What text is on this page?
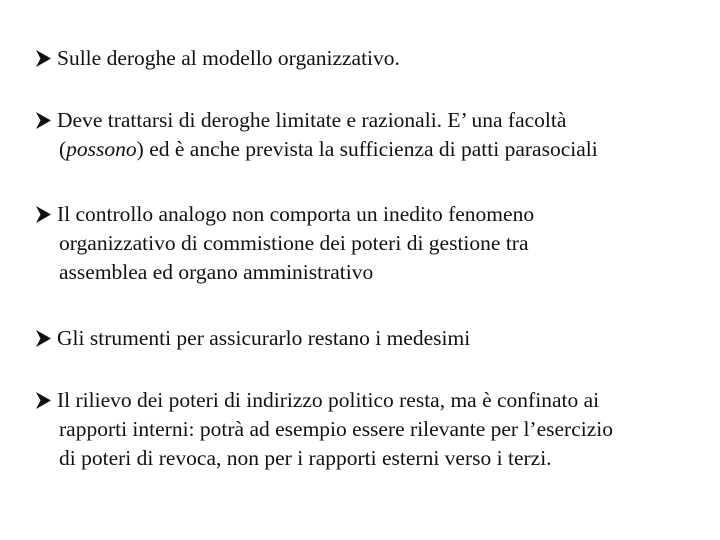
Sulle deroghe al modello organizzativo.
Deve trattarsi di deroghe limitate e razionali. E’ una facoltà
(possono) ed è anche prevista la sufficienza di patti parasociali
Il controllo analogo non comporta un inedito fenomeno
organizzativo di commistione dei poteri di gestione tra
assemblea ed organo amministrativo
Gli strumenti per assicurarlo restano i medesimi
Il rilievo dei poteri di indirizzo politico resta, ma è confinato ai
rapporti interni: potrà ad esempio essere rilevante per l’esercizio
di poteri di revoca, non per i rapporti esterni verso i terzi.
